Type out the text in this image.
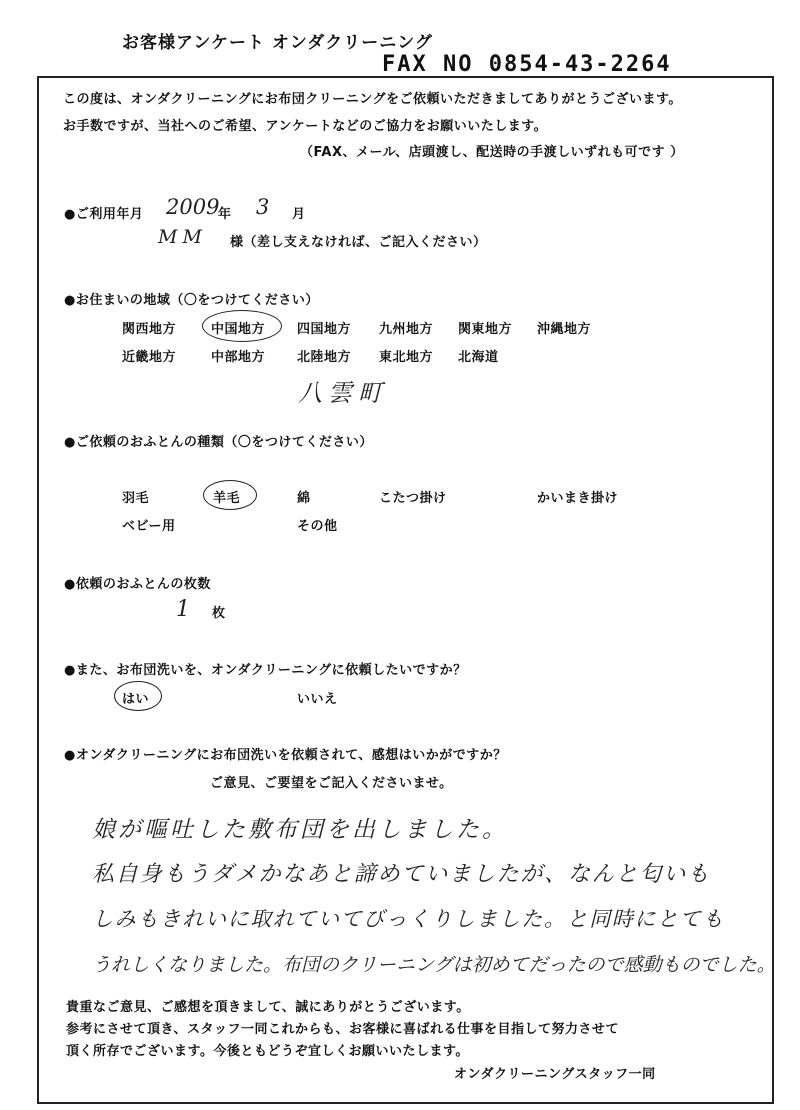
お客様アンケート オンダクリーニング
FAX NO 0854-43-2264
この度は、オンダクリーニングにお布団クリーニングをご依頼いただきましてありがとうございます。
お手数ですが、当社へのご希望、アンケートなどのご協力をお願いいたします。
（FAX、メール、店頭渡し、配送時の手渡しいずれも可です ）
●ご利用年月 2009
年 3 月
MM 様（差し支えなければ、ご記入ください）
●お住まいの地域（〇をつけてください）
関西地方	中国地方 四国地方 九州地方 関東地方 沖縄地方
近畿地方	中部地方 北陸地方 東北地方 北海道
八雲町
●ご依頼のおふとんの種類（〇をつけてください）
羽毛	羊毛	綿	こたつ掛け	かいまき掛け
ベビー用	その他
●依頼のおふとんの枚数
1 枚
●また、お布団洗いを、オンダクリーニングに依頼したいですか？
はい	いいえ
●オンダクリーニングにお布団洗いを依頼されて、感想はいかがですか？
ご意見、ご要望をご記入くださいませ。
娘が嘔吐した敷布団を出しました。
私自身もうダメかなあと諦めていましたが、なんと匂いも
しみもきれいに取れていてびっくりしました。と同時にとても
うれしくなりました。布団のクリーニングは初めてだったので感動ものでした。
貴重なご意見、ご感想を頂きまして、誠にありがとうございます。
参考にさせて頂き、スタッフ一同これからも、お客様に喜ばれる仕事を目指して努力させて
頂く所存でございます。今後ともどうぞ宜しくお願いいたします。
オンダクリーニングスタッフ一同
